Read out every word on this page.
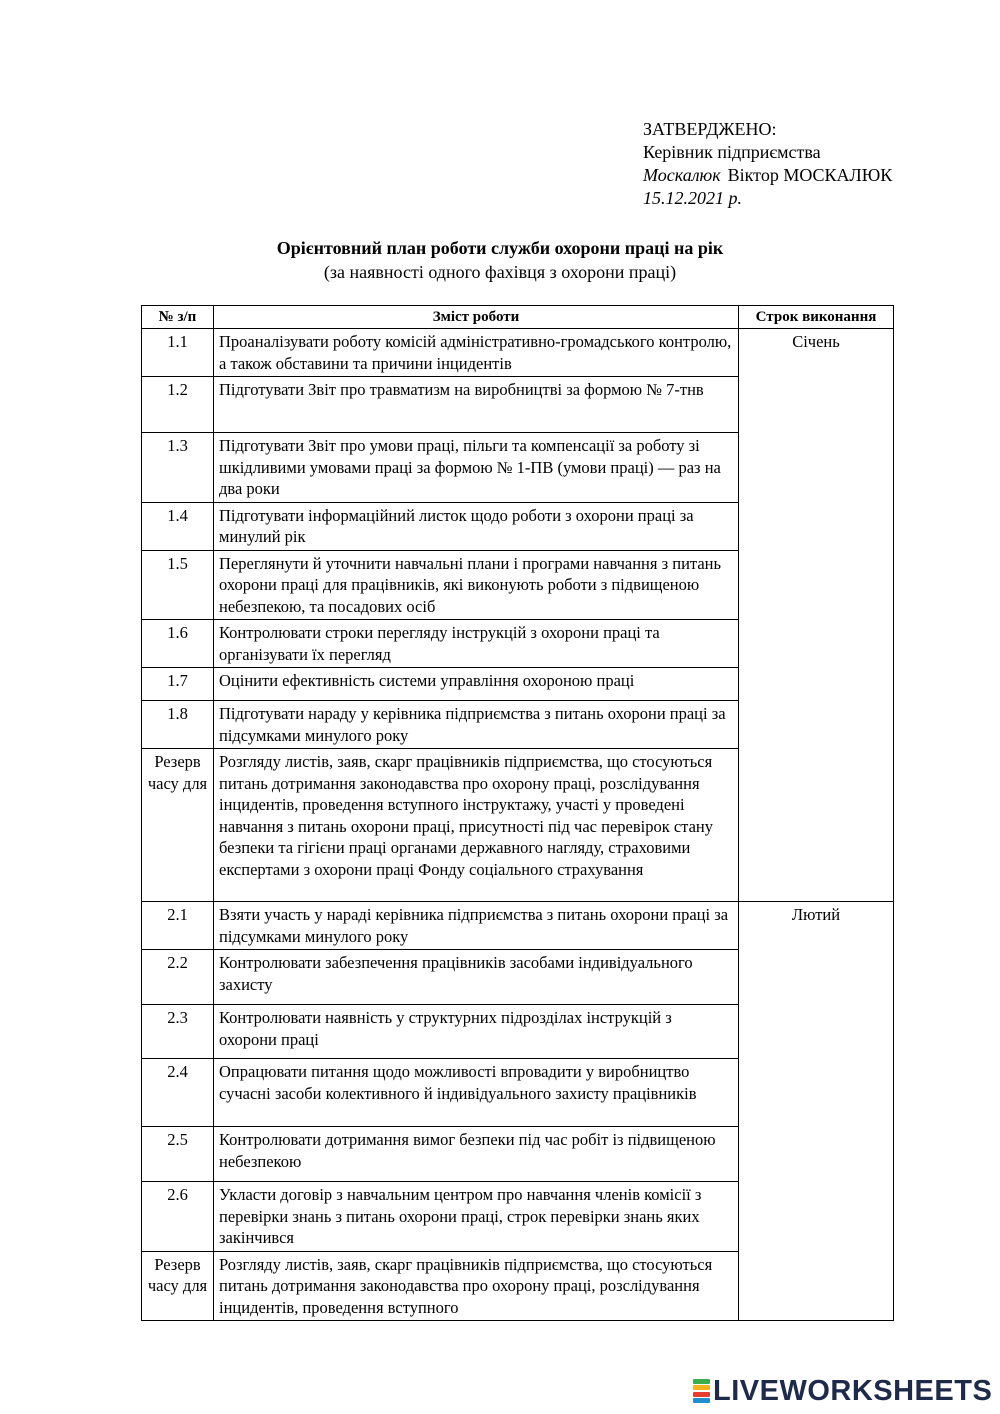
ЗАТВЕРДЖЕНО:
Керівник підприємства
Москалюк Віктор МОСКАЛЮК
15.12.2021 р.
Орієнтовний план роботи служби охорони праці на рік
(за наявності одного фахівця з охорони праці)
№ з/п	Зміст роботи	Строк виконання
1.1	Проаналізувати роботу комісій адміністративно-громадського контролю, а також обставини та причини інцидентів	Січень
1.2	Підготувати Звіт про травматизм на виробництві за формою № 7-тнв	
1.3	Підготувати Звіт про умови праці, пільги та компенсації за роботу зі шкідливими умовами праці за формою № 1-ПВ (умови праці) — раз на два роки	
1.4	Підготувати інформаційний листок щодо роботи з охорони праці за минулий рік	
1.5	Переглянути й уточнити навчальні плани і програми навчання з питань охорони праці для працівників, які виконують роботи з підвищеною небезпекою, та посадових осіб	
1.6	Контролювати строки перегляду інструкцій з охорони праці та організувати їх перегляд	
1.7	Оцінити ефективність системи управління охороною праці	
1.8	Підготувати нараду у керівника підприємства з питань охорони праці за підсумками минулого року	
Резерв
часу для	Розгляду листів, заяв, скарг працівників підприємства, що стосуються питань дотримання законодавства про охорону праці, розслідування інцидентів, проведення вступного інструктажу, участі у проведені навчання з питань охорони праці, присутності під час перевірок стану безпеки та гігієни праці органами державного нагляду, страховими експертами з охорони праці Фонду соціального страхування	
2.1	Взяти участь у нараді керівника підприємства з питань охорони праці за підсумками минулого року	Лютий
2.2	Контролювати забезпечення працівників засобами індивідуального захисту	
2.3	Контролювати наявність у структурних підрозділах інструкцій з охорони праці	
2.4	Опрацювати питання щодо можливості впровадити у виробництво сучасні засоби колективного й індивідуального захисту працівників	
2.5	Контролювати дотримання вимог безпеки під час робіт із підвищеною небезпекою	
2.6	Укласти договір з навчальним центром про навчання членів комісії з перевірки знань з питань охорони праці, строк перевірки знань яких закінчився	
Резерв
часу для	Розгляду листів, заяв, скарг працівників підприємства, що стосуються питань дотримання законодавства про охорону праці, розслідування інцидентів, проведення вступного	
LIVEWORKSHEETS
